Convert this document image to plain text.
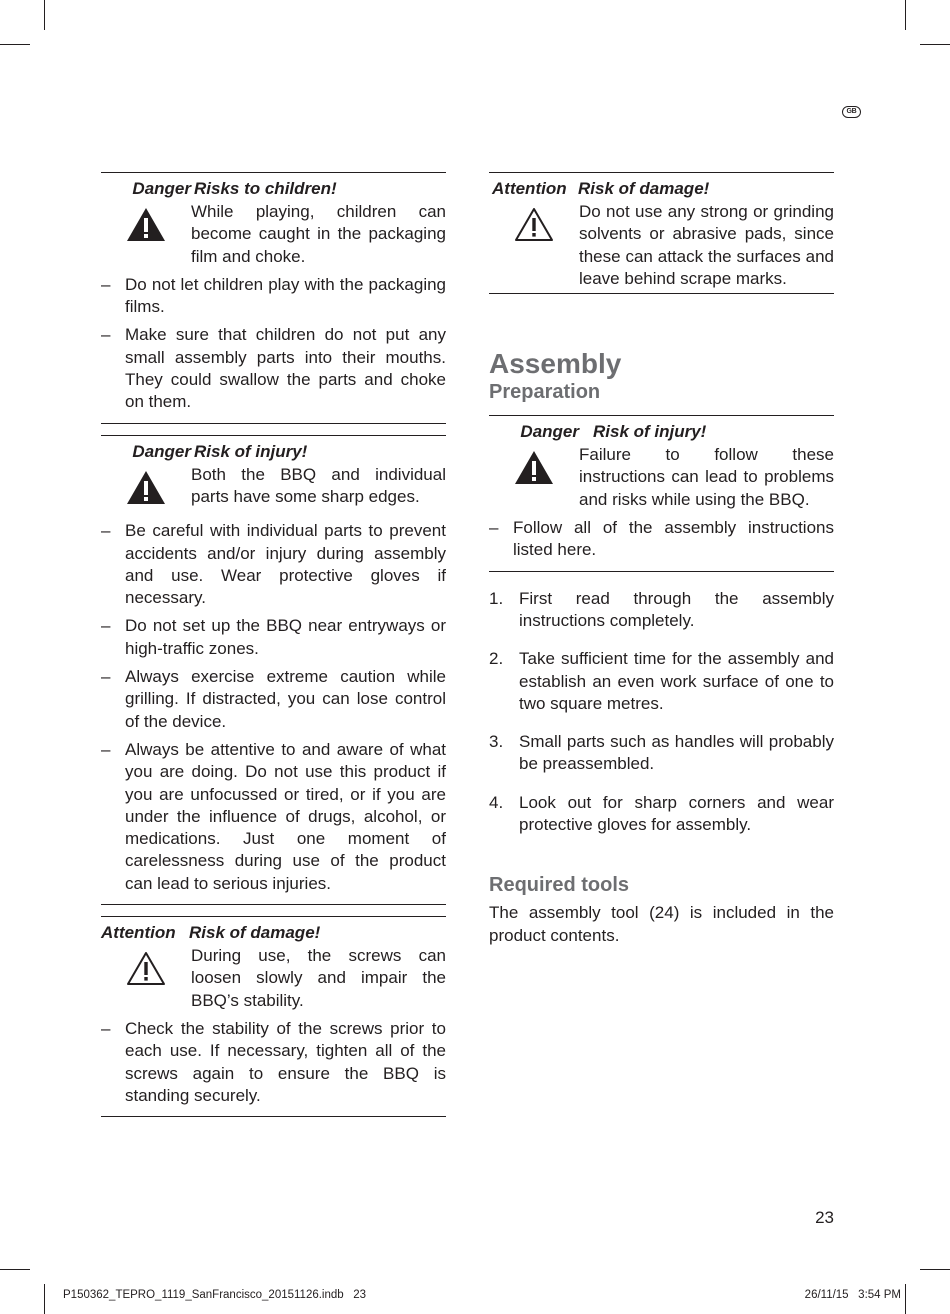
GB
Danger Risks to children!
While playing, children can become caught in the packaging film and choke.
– Do not let children play with the packaging films.
– Make sure that children do not put any small assembly parts into their mouths. They could swallow the parts and choke on them.
Danger Risk of injury!
Both the BBQ and individual parts have some sharp edges.
– Be careful with individual parts to prevent accidents and/or injury during assembly and use. Wear protective gloves if necessary.
– Do not set up the BBQ near entryways or high-traffic zones.
– Always exercise extreme caution while grilling. If distracted, you can lose control of the device.
– Always be attentive to and aware of what you are doing. Do not use this product if you are unfocussed or tired, or if you are under the influence of drugs, alcohol, or medications. Just one moment of carelessness during use of the product can lead to serious injuries.
Attention Risk of damage!
During use, the screws can loosen slowly and impair the BBQ’s stability.
– Check the stability of the screws prior to each use. If necessary, tighten all of the screws again to ensure the BBQ is standing securely.
Attention Risk of damage!
Do not use any strong or grinding solvents or abrasive pads, since these can attack the surfaces and leave behind scrape marks.
Assembly
Preparation
Danger Risk of injury!
Failure to follow these instructions can lead to problems and risks while using the BBQ.
– Follow all of the assembly instructions listed here.
1. First read through the assembly instructions completely.
2. Take sufficient time for the assembly and establish an even work surface of one to two square metres.
3. Small parts such as handles will probably be preassembled.
4. Look out for sharp corners and wear protective gloves for assembly.
Required tools

The assembly tool (24) is included in the product contents.

23
P150362_TEPRO_1119_SanFrancisco_20151126.indb   23	26/11/15   3:54 PM
